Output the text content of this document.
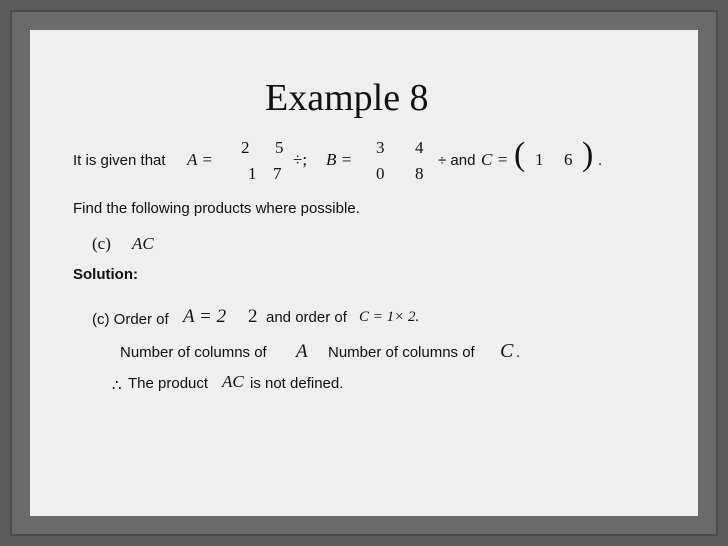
Example 8
It is given that A =
2 5
1 7
÷; B =
3 4
0 8
÷ and C = ( 1 6 ) .
Find the following products where possible.
(c) AC
Solution:
(c) Order of A = 2 2 and order of C = 1× 2.
Number of columns of A Number of columns of C .
∴ The product AC is not defined.
